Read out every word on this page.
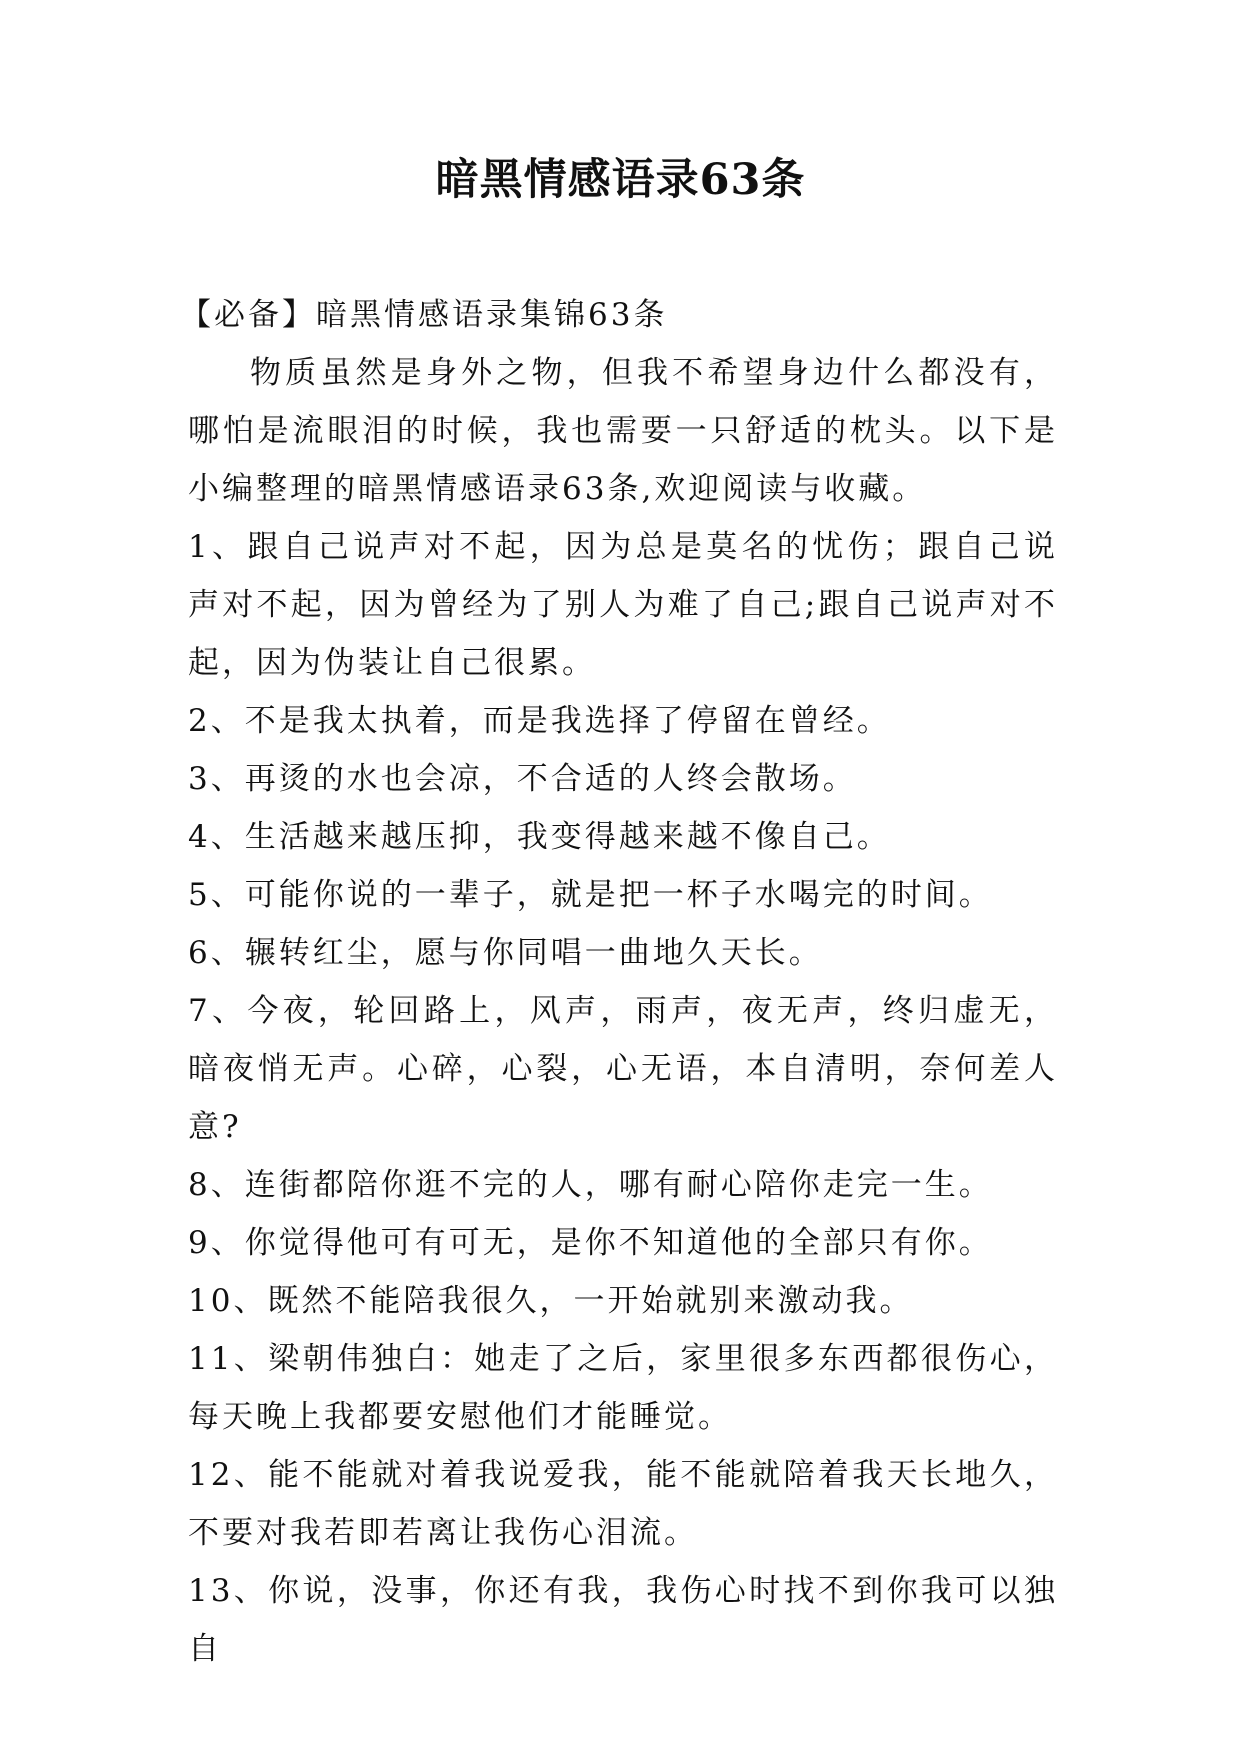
暗黑情感语录63条

【必备】暗黑情感语录集锦63条

物质虽然是身外之物，但我不希望身边什么都没有，哪怕是流眼泪的时候，我也需要一只舒适的枕头。以下是小编整理的暗黑情感语录63条,欢迎阅读与收藏。

1、跟自己说声对不起，因为总是莫名的忧伤；跟自己说声对不起，因为曾经为了别人为难了自己;跟自己说声对不起，因为伪装让自己很累。

2、不是我太执着，而是我选择了停留在曾经。

3、再烫的水也会凉，不合适的人终会散场。

4、生活越来越压抑，我变得越来越不像自己。

5、可能你说的一辈子，就是把一杯子水喝完的时间。

6、辗转红尘，愿与你同唱一曲地久天长。

7、今夜，轮回路上，风声，雨声，夜无声，终归虚无，暗夜悄无声。心碎，心裂，心无语，本自清明，奈何差人意?

8、连街都陪你逛不完的人，哪有耐心陪你走完一生。

9、你觉得他可有可无，是你不知道他的全部只有你。

10、既然不能陪我很久，一开始就别来激动我。

11、梁朝伟独白：她走了之后，家里很多东西都很伤心，每天晚上我都要安慰他们才能睡觉。

12、能不能就对着我说爱我，能不能就陪着我天长地久，不要对我若即若离让我伤心泪流。

13、你说，没事，你还有我，我伤心时找不到你我可以独自
